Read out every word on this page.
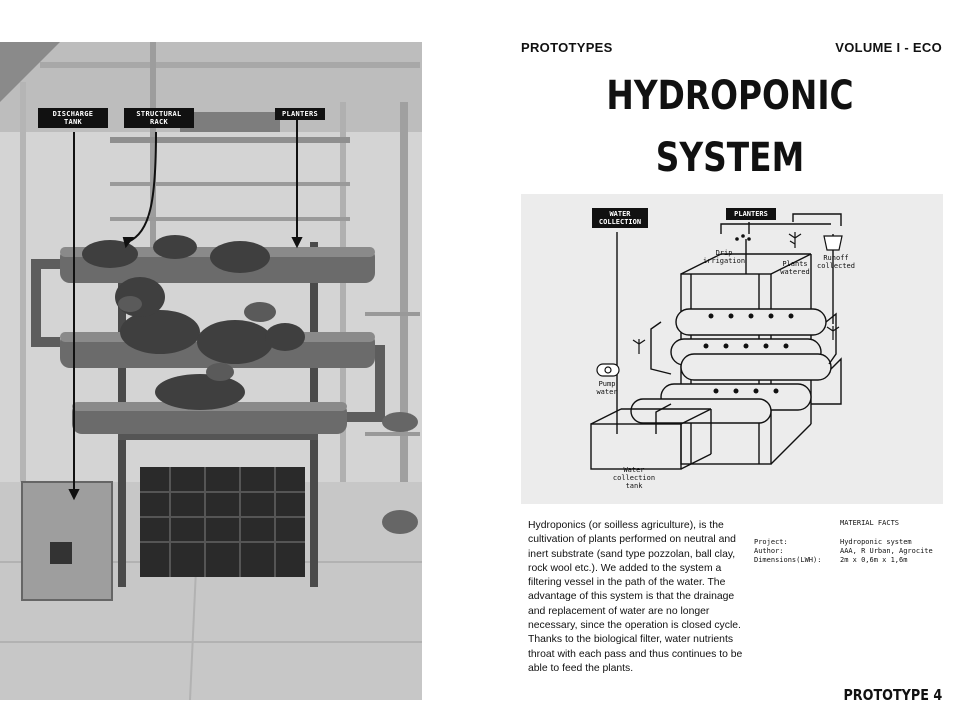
DISCHARGE
TANK
STRUCTURAL
RACK
PLANTERS
PROTOTYPES	VOLUME I - ECO
HYDROPONIC
SYSTEM
WATER
COLLECTION
PLANTERS
Drip
irrigation	Plants
watered
Runoff
collected
Pump
water
Water
collection
tank
Hydroponics (or soilless agriculture), is the cultivation of plants performed on neutral and inert substrate (sand type pozzolan, ball clay, rock wool etc.). We added to the system a filtering vessel in the path of the water. The advantage of this system is that the drainage and replacement of water are no longer necessary, since the operation is closed cycle. Thanks to the biological filter, water nutrients throat with each pass and thus continues to be able to feed the plants.
MATERIAL FACTS
Project:	Hydroponic system
Author:	AAA, R Urban, Agrocite
Dimensions(LWH):	2m x 0,6m x 1,6m
PROTOTYPE 4
